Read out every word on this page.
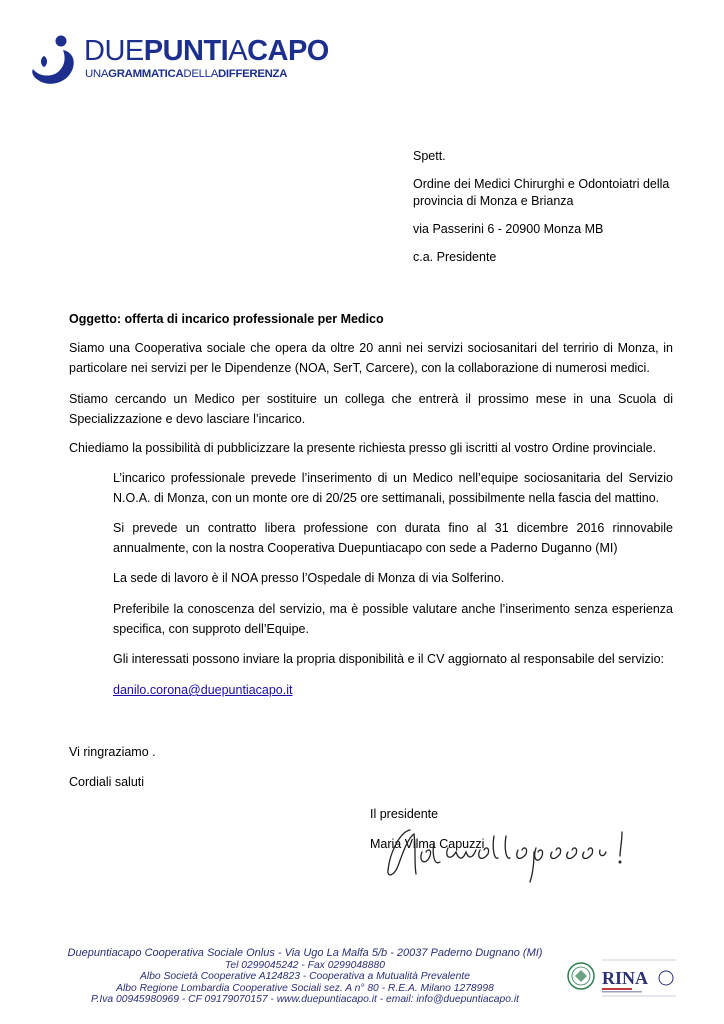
DUEPUNTIACAPO
UNAGRAMMATICADELLADIFFERENZA

Spett.

Ordine dei Medici Chirurghi e Odontoiatri della
provincia di Monza e Brianza

via Passerini 6 - 20900 Monza MB

c.a. Presidente

Oggetto: offerta di incarico professionale per Medico
Siamo una Cooperativa sociale che opera da oltre 20 anni nei servizi sociosanitari del terririo di Monza, in particolare nei servizi per le Dipendenze (NOA, SerT, Carcere), con la collaborazione di numerosi medici.
Stiamo cercando un Medico per sostituire un collega che entrerà il prossimo mese in una Scuola di Specializzazione e devo lasciare l’incarico.
Chiediamo la possibilità di pubblicizzare la presente richiesta presso gli iscritti al vostro Ordine provinciale.
L’incarico professionale prevede l’inserimento di un Medico nell’equipe sociosanitaria del Servizio N.O.A. di Monza, con un monte ore di 20/25 ore settimanali, possibilmente nella fascia del mattino.
Si prevede un contratto libera professione con durata fino al 31 dicembre 2016 rinnovabile annualmente, con la nostra Cooperativa Duepuntiacapo con sede a Paderno Duganno (MI)
La sede di lavoro è il NOA presso l’Ospedale di Monza di via Solferino.
Preferibile la conoscenza del servizio, ma è possible valutare anche l’inserimento senza esperienza specifica, con supproto dell’Equipe.
Gli interessati possono inviare la propria disponibilità e il CV aggiornato al responsabile del servizio:
danilo.corona@duepuntiacapo.it
Vi ringraziamo .
Cordiali saluti
Il presidente
Maria Vilma Capuzzi
Duepuntiacapo Cooperativa Sociale Onlus - Via Ugo La Malfa 5/b - 20037 Paderno Dugnano (MI)
Tel 0299045242 - Fax 0299048880
Albo Società Cooperative A124823 - Cooperativa a Mutualità Prevalente
Albo Regione Lombardia Cooperative Sociali sez. A n° 80 - R.E.A. Milano 1278998
P.Iva 00945980969 - CF 09179070157 - www.duepuntiacapo.it - email: info@duepuntiacapo.it
RINA
